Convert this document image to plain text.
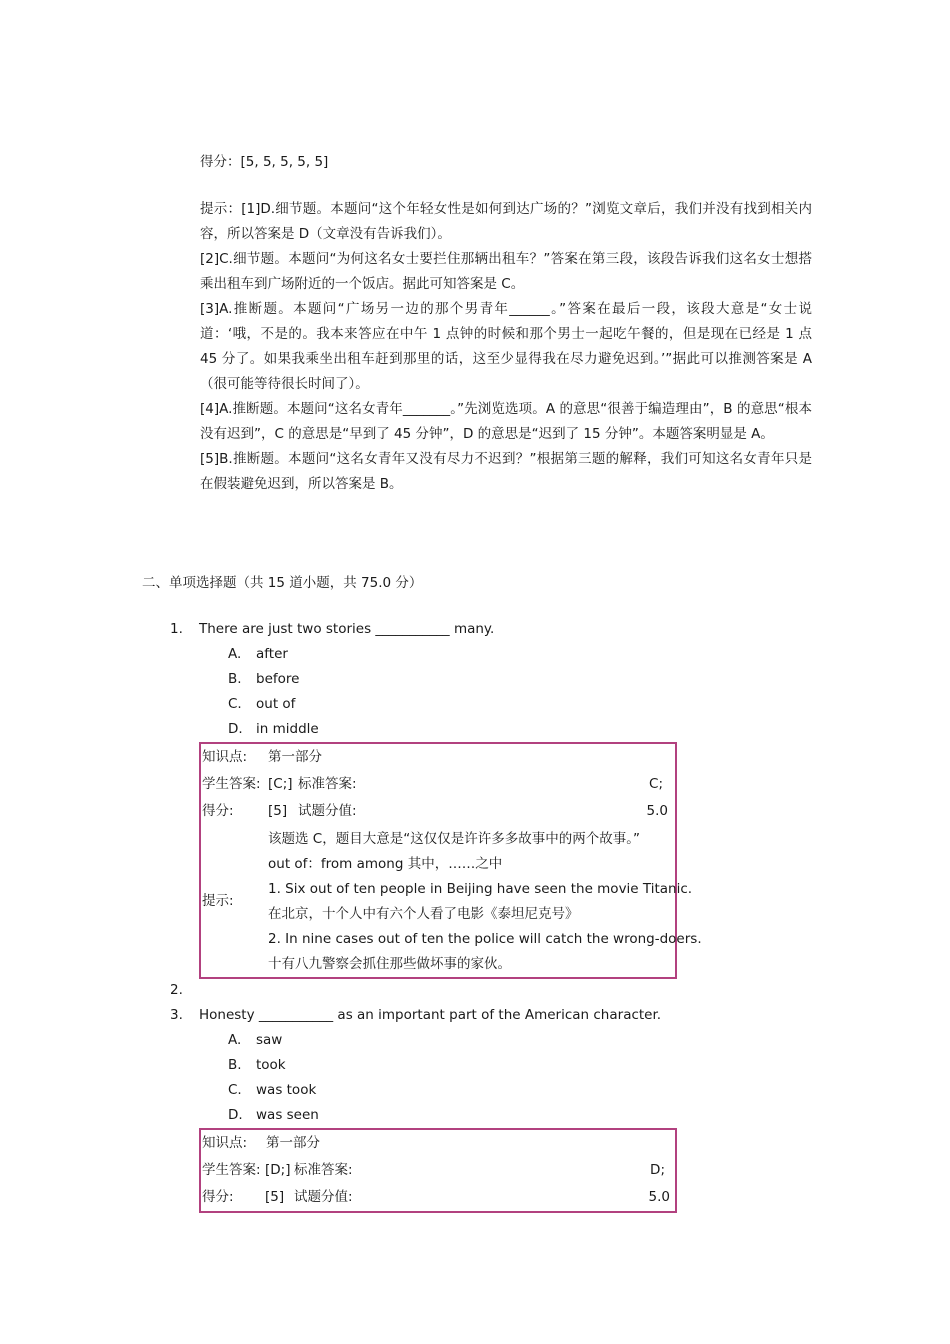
得分：[5, 5, 5, 5, 5]

提示：[1]D.细节题。本题问“这个年轻女性是如何到达广场的？”浏览文章后，我们并没有找到相关内容，所以答案是 D（文章没有告诉我们）。

[2]C.细节题。本题问“为何这名女士要拦住那辆出租车？”答案在第三段，该段告诉我们这名女士想搭乘出租车到广场附近的一个饭店。据此可知答案是 C。

[3]A.推断题。本题问“广场另一边的那个男青年______。”答案在最后一段，该段大意是“女士说道：‘哦，不是的。我本来答应在中午 1 点钟的时候和那个男士一起吃午餐的，但是现在已经是 1 点 45 分了。如果我乘坐出租车赶到那里的话，这至少显得我在尽力避免迟到。’”据此可以推测答案是 A（很可能等待很长时间了）。

[4]A.推断题。本题问“这名女青年_______。”先浏览选项。A 的意思“很善于编造理由”，B 的意思“根本没有迟到”，C 的意思是“早到了 45 分钟”，D 的意思是“迟到了 15 分钟”。本题答案明显是 A。

[5]B.推断题。本题问“这名女青年又没有尽力不迟到？”根据第三题的解释，我们可知这名女青年只是在假装避免迟到，所以答案是 B。

二、单项选择题（共 15 道小题，共 75.0 分）
1. There are just two stories ___________ many.
A. after
B. before
C. out of
D. in middle
知识点: 第一部分
学生答案: [C;] 标准答案:	C;
得分:	[5] 试题分值:	5.0
提示:
该题选 C，题目大意是“这仅仅是许许多多故事中的两个故事。”
out of：from among 其中，……之中
1. Six out of ten people in Beijing have seen the movie Titanic.
在北京，十个人中有六个人看了电影《泰坦尼克号》
2. In nine cases out of ten the police will catch the wrong-doers.
十有八九警察会抓住那些做坏事的家伙。
2.
3. Honesty ___________ as an important part of the American character.
A. saw
B. took
C. was took
D. was seen
知识点: 第一部分
学生答案: [D;] 标准答案:	D;
得分: [5] 试题分值:	5.0
